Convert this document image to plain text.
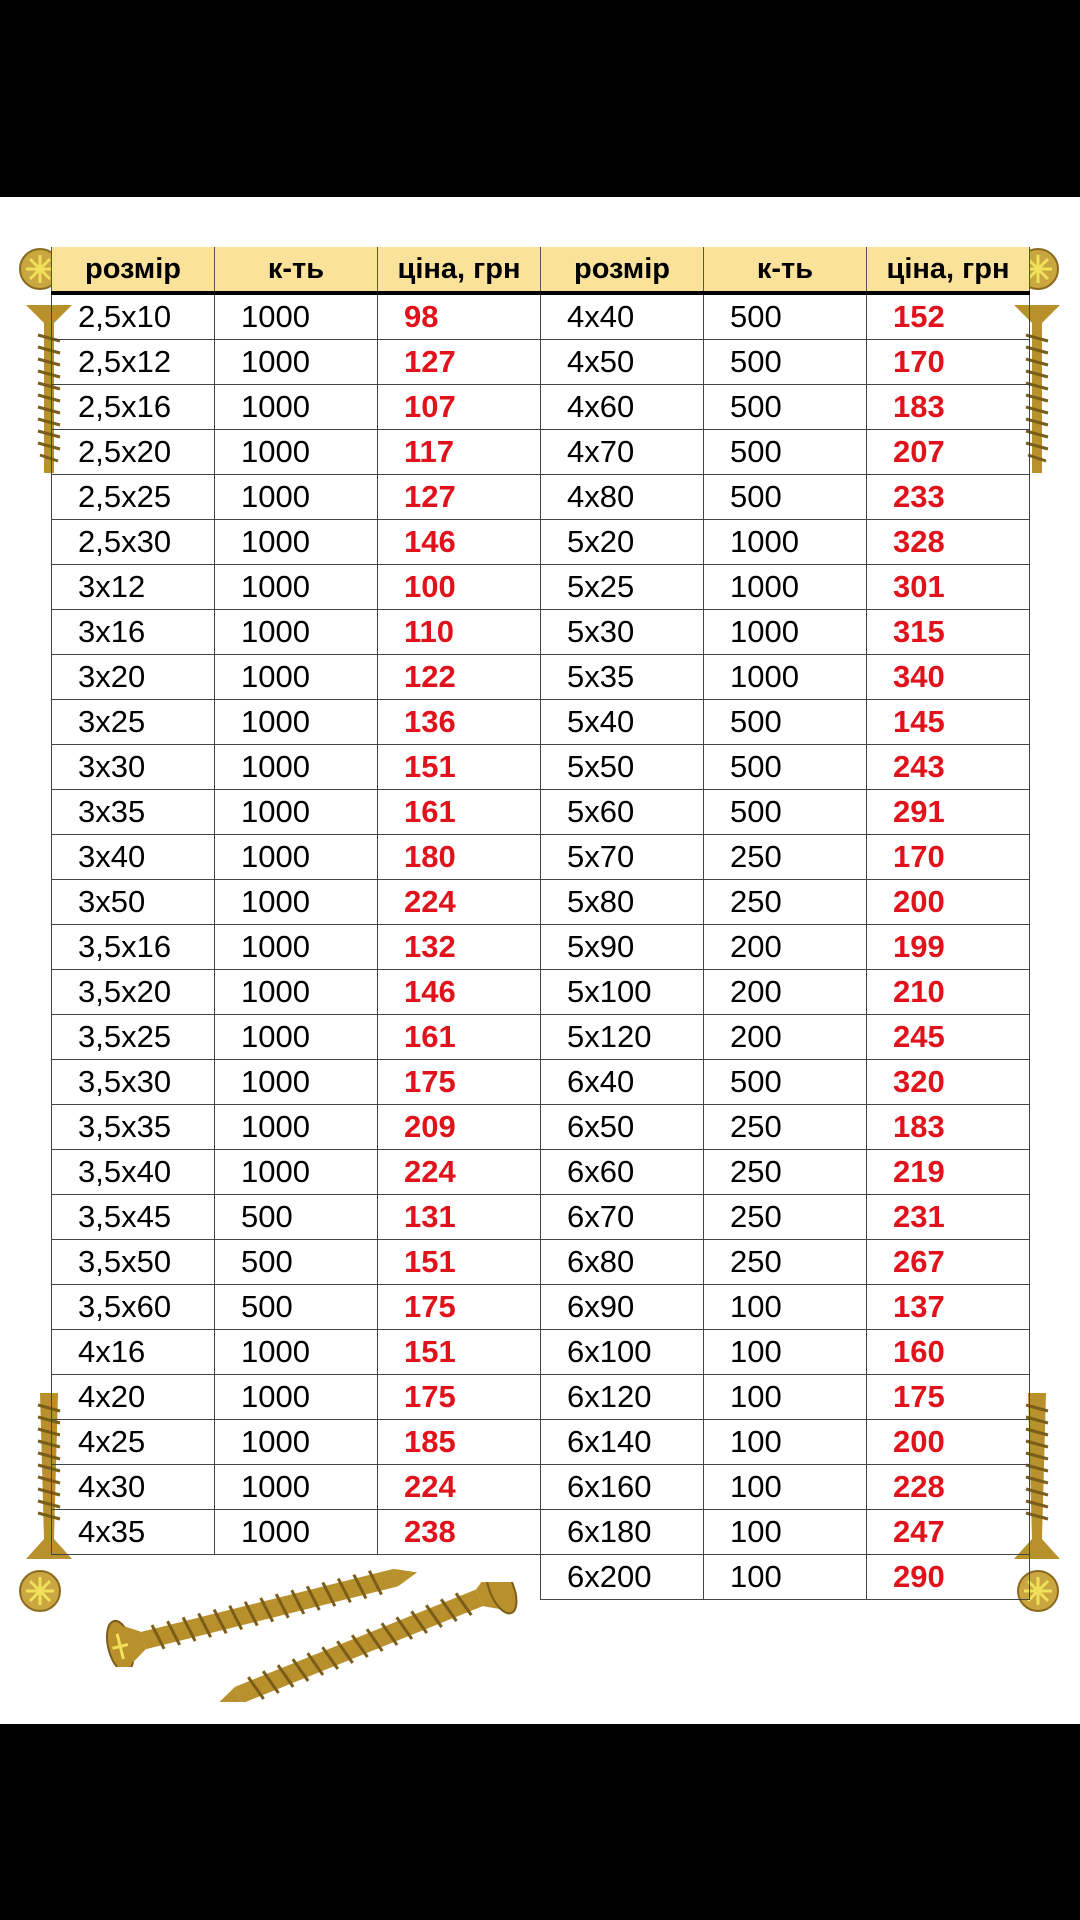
розмір	к-ть	ціна, грн	розмір	к-ть	ціна, грн
2,5x10	1000	98	4x40	500	152
2,5x12	1000	127	4x50	500	170
2,5x16	1000	107	4x60	500	183
2,5x20	1000	117	4x70	500	207
2,5x25	1000	127	4x80	500	233
2,5x30	1000	146	5x20	1000	328
3x12	1000	100	5x25	1000	301
3x16	1000	110	5x30	1000	315
3x20	1000	122	5x35	1000	340
3x25	1000	136	5x40	500	145
3x30	1000	151	5x50	500	243
3x35	1000	161	5x60	500	291
3x40	1000	180	5x70	250	170
3x50	1000	224	5x80	250	200
3,5x16	1000	132	5x90	200	199
3,5x20	1000	146	5x100	200	210
3,5x25	1000	161	5x120	200	245
3,5x30	1000	175	6x40	500	320
3,5x35	1000	209	6x50	250	183
3,5x40	1000	224	6x60	250	219
3,5x45	500	131	6x70	250	231
3,5x50	500	151	6x80	250	267
3,5x60	500	175	6x90	100	137
4x16	1000	151	6x100	100	160
4x20	1000	175	6x120	100	175
4x25	1000	185	6x140	100	200
4x30	1000	224	6x160	100	228
4x35	1000	238	6x180	100	247
			6x200	100	290
